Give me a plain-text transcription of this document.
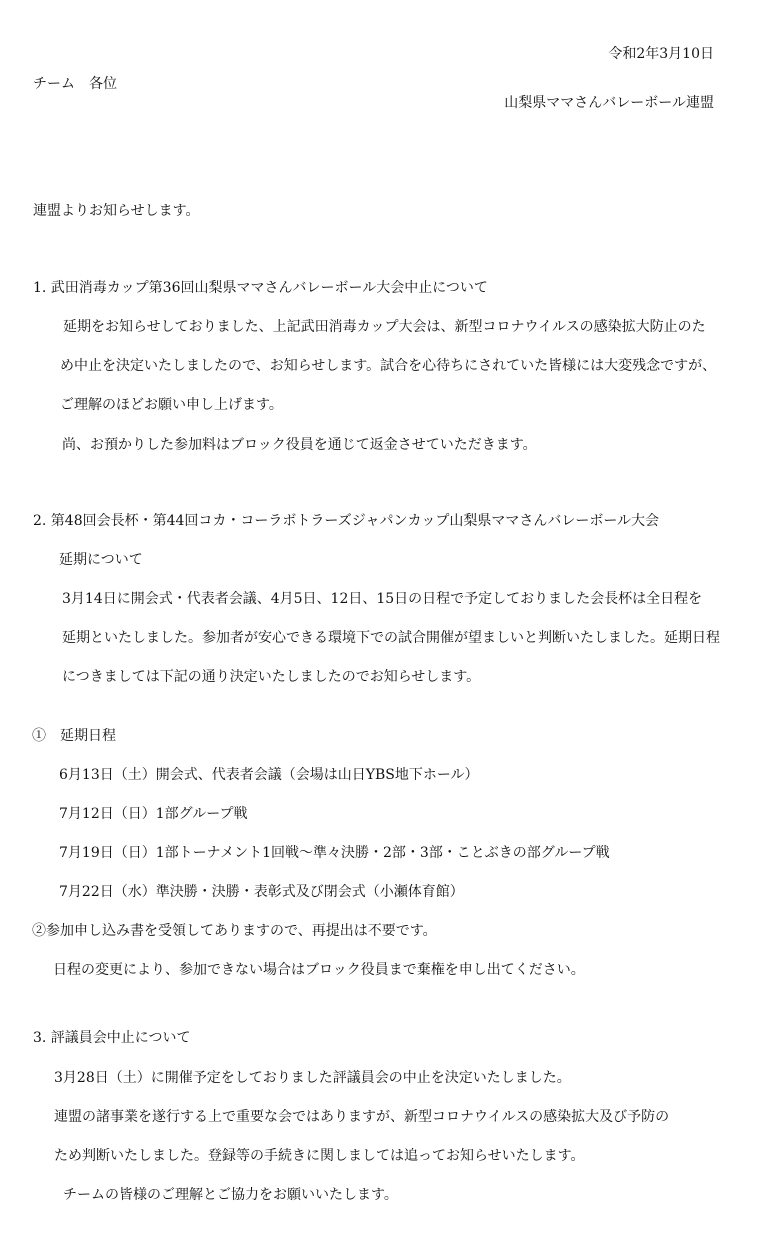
令和2年3月10日
チーム　各位
山梨県ママさんバレーボール連盟
連盟よりお知らせします。
1. 武田消毒カップ第36回山梨県ママさんバレーボール大会中止について
延期をお知らせしておりました、上記武田消毒カップ大会は、新型コロナウイルスの感染拡大防止のた
め中止を決定いたしましたので、お知らせします。試合を心待ちにされていた皆様には大変残念ですが、
ご理解のほどお願い申し上げます。
尚、お預かりした参加料はブロック役員を通じて返金させていただきます。
2. 第48回会長杯・第44回コカ・コーラボトラーズジャパンカップ山梨県ママさんバレーボール大会
延期について
3月14日に開会式・代表者会議、4月5日、12日、15日の日程で予定しておりました会長杯は全日程を
延期といたしました。参加者が安心できる環境下での試合開催が望ましいと判断いたしました。延期日程
につきましては下記の通り決定いたしましたのでお知らせします。
①　延期日程
6月13日（土）開会式、代表者会議（会場は山日YBS地下ホール）
7月12日（日）1部グループ戦
7月19日（日）1部トーナメント1回戦～準々決勝・2部・3部・ことぶきの部グループ戦
7月22日（水）準決勝・決勝・表彰式及び閉会式（小瀬体育館）
②参加申し込み書を受領してありますので、再提出は不要です。
日程の変更により、参加できない場合はブロック役員まで棄権を申し出てください。
3. 評議員会中止について
3月28日（土）に開催予定をしておりました評議員会の中止を決定いたしました。
連盟の諸事業を遂行する上で重要な会ではありますが、新型コロナウイルスの感染拡大及び予防の
ため判断いたしました。登録等の手続きに関しましては追ってお知らせいたします。
チームの皆様のご理解とご協力をお願いいたします。
